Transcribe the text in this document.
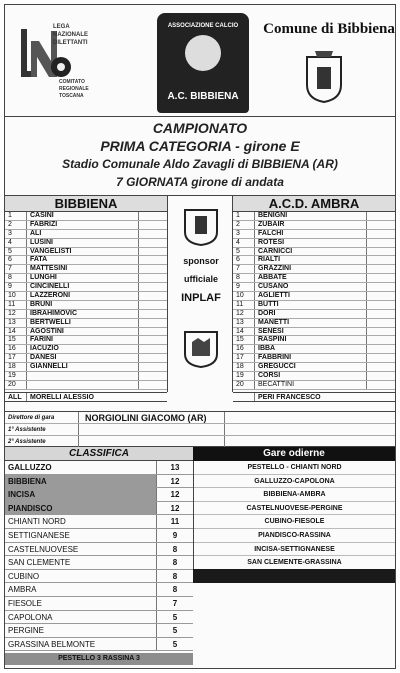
LEGA
NAZIONALE
DILETTANTI
COMITATO
REGIONALE
TOSCANA
ASSOCIAZIONE CALCIO
A.C. BIBBIENA
Comune di Bibbiena
CAMPIONATO
PRIMA CATEGORIA - girone E
Stadio Comunale Aldo Zavagli di BIBBIENA (AR)
7 GIORNATA girone di andata
BIBBIENA	A.C.D. AMBRA
1	CASINI
2	FABRIZI
3	ALI
4	LUSINI
5	VANGELISTI
6	FATA
7	MATTESINI
8	LUNGHI
9	CINCINELLI
10	LAZZERONI
11	BRUNI
12	IBRAHIMOVIC
13	BERTWELLI
14	AGOSTINI
15	FARINI
16	IACUZIO
17	DANESI
18	GIANNELLI
19
20
1	BENIGNI
2	ZUBAIR
3	FALCHI
4	ROTESI
5	CARNICCI
6	RIALTI
7	GRAZZINI
8	ABBATE
9	CUSANO
10	AGLIETTI
11	BUTTI
12	DORI
13	MANETTI
14	SENESI
15	RASPINI
16	IBBA
17	FABBRINI
18	GREGUCCI
19	CORSI
20	BECATTINI
sponsor
ufficiale
INPLAF
ALL	MORELLI ALESSIO	PERI FRANCESCO
Direttore di gara	NORGIOLINI GIACOMO (AR)
1° Assistente
2° Assistente
CLASSIFICA
GALLUZZO	13
BIBBIENA	12
INCISA	12
PIANDISCO	12
CHIANTI NORD	11
SETTIGNANESE	9
CASTELNUOVESE	8
SAN CLEMENTE	8
CUBINO	8
AMBRA	8
FIESOLE	7
CAPOLONA	5
PERGINE	5
GRASSINA BELMONTE	5
Gare odierne
PESTELLO - CHIANTI NORD
GALLUZZO-CAPOLONA
BIBBIENA-AMBRA
CASTELNUOVESE-PERGINE
CUBINO-FIESOLE
PIANDISCO-RASSINA
INCISA-SETTIGNANESE
SAN CLEMENTE-GRASSINA
PESTELLO 3 RASSINA 3
